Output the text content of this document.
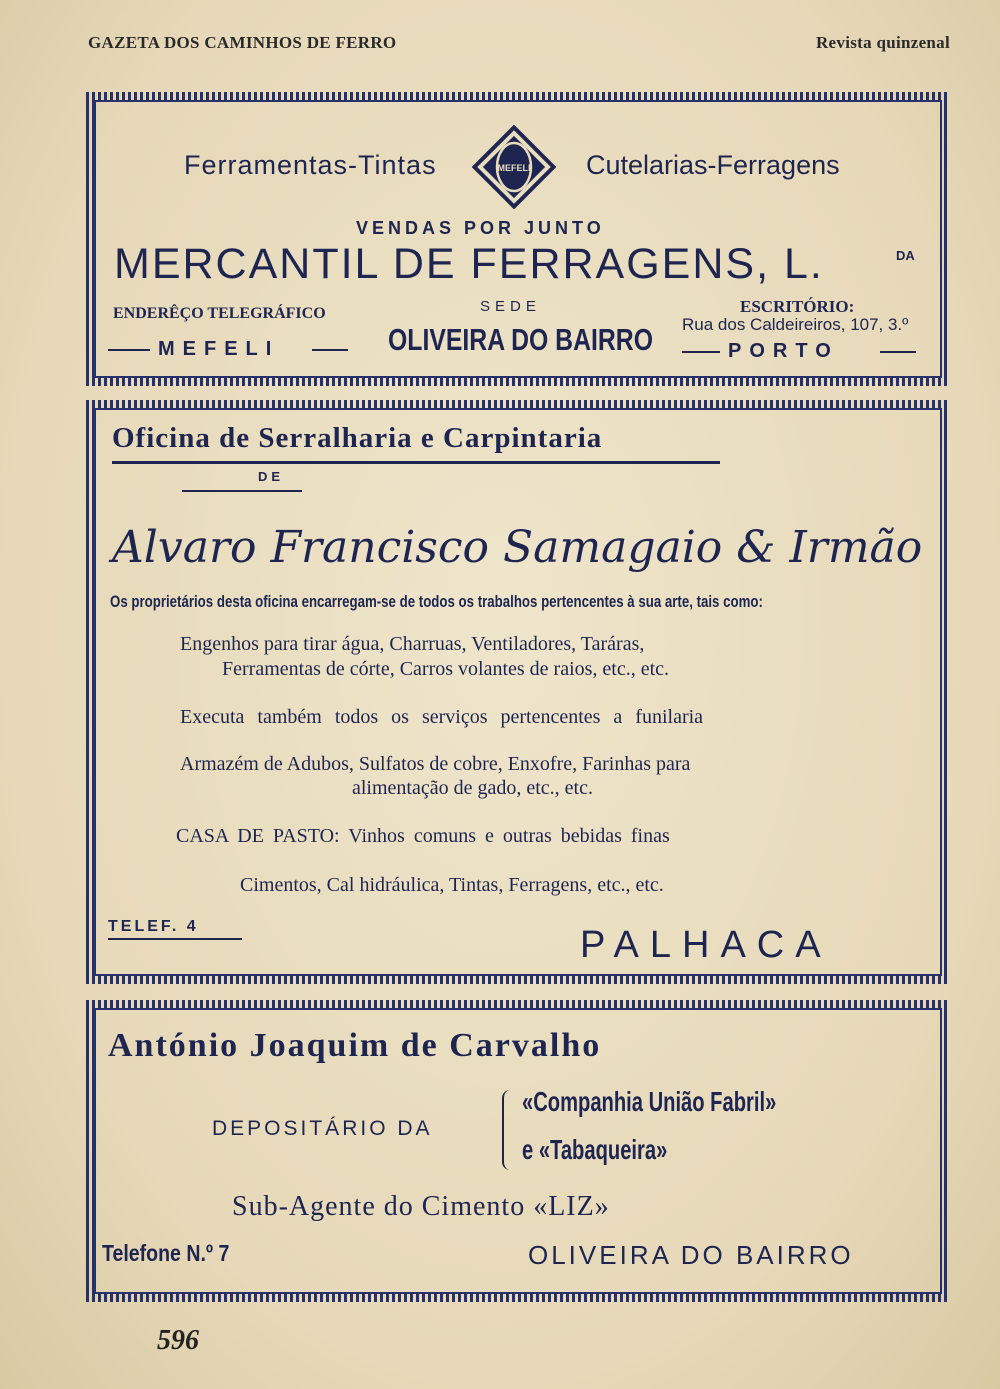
GAZETA DOS CAMINHOS DE FERRO	Revista quinzenal
Ferramentas-Tintas	Cutelarias-Ferragens
MEFELI
VENDAS POR JUNTO
MERCANTIL DE FERRAGENS, L.	DA
ENDERÊÇO TELEGRÁFICO
MEFELI
SEDE
OLIVEIRA DO BAIRRO
ESCRITÓRIO:
Rua dos Caldeireiros, 107, 3.º
PORTO
Oficina de Serralharia e Carpintaria
DE
Alvaro Francisco Samagaio & Irmão
Os proprietários desta oficina encarregam-se de todos os trabalhos pertencentes à sua arte, tais como:
Engenhos para tirar água, Charruas, Ventiladores, Taráras,
Ferramentas de córte, Carros volantes de raios, etc., etc.
Executa também todos os serviços pertencentes a funilaria
Armazém de Adubos, Sulfatos de cobre, Enxofre, Farinhas para
alimentação de gado, etc., etc.
CASA DE PASTO: Vinhos comuns e outras bebidas finas
Cimentos, Cal hidráulica, Tintas, Ferragens, etc., etc.
TELEF. 4	PALHACA
António Joaquim de Carvalho
DEPOSITÁRIO DA
«Companhia União Fabril»
e «Tabaqueira»
Sub-Agente do Cimento «LIZ»
Telefone N.º 7	OLIVEIRA DO BAIRRO
596
